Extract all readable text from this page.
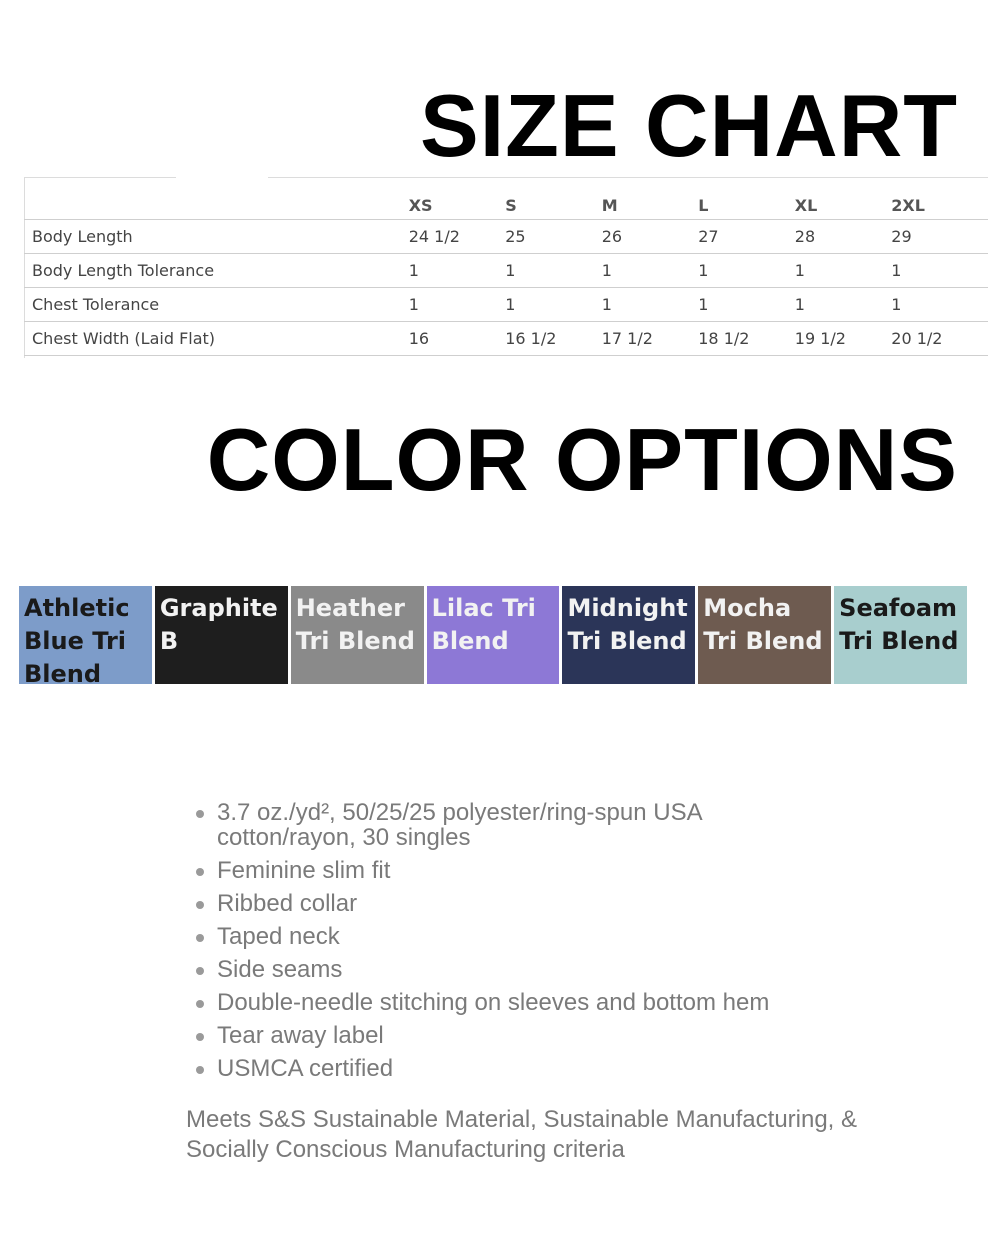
SIZE CHART
	XS	S	M	L	XL	2XL
Body Length	24 1/2	25	26	27	28	29
Body Length Tolerance	1	1	1	1	1	1
Chest Tolerance	1	1	1	1	1	1
Chest Width (Laid Flat)	16	16 1/2	17 1/2	18 1/2	19 1/2	20 1/2
COLOR OPTIONS
Athletic Blue Tri Blend
Graphite B
Heather Tri Blend
Lilac Tri Blend
Midnight Tri Blend
Mocha Tri Blend
Seafoam Tri Blend
3.7 oz./yd², 50/25/25 polyester/ring-spun USA cotton/rayon, 30 singles
Feminine slim fit
Ribbed collar
Taped neck
Side seams
Double-needle stitching on sleeves and bottom hem
Tear away label
USMCA certified

Meets S&S Sustainable Material, Sustainable Manufacturing, & Socially Conscious Manufacturing criteria
